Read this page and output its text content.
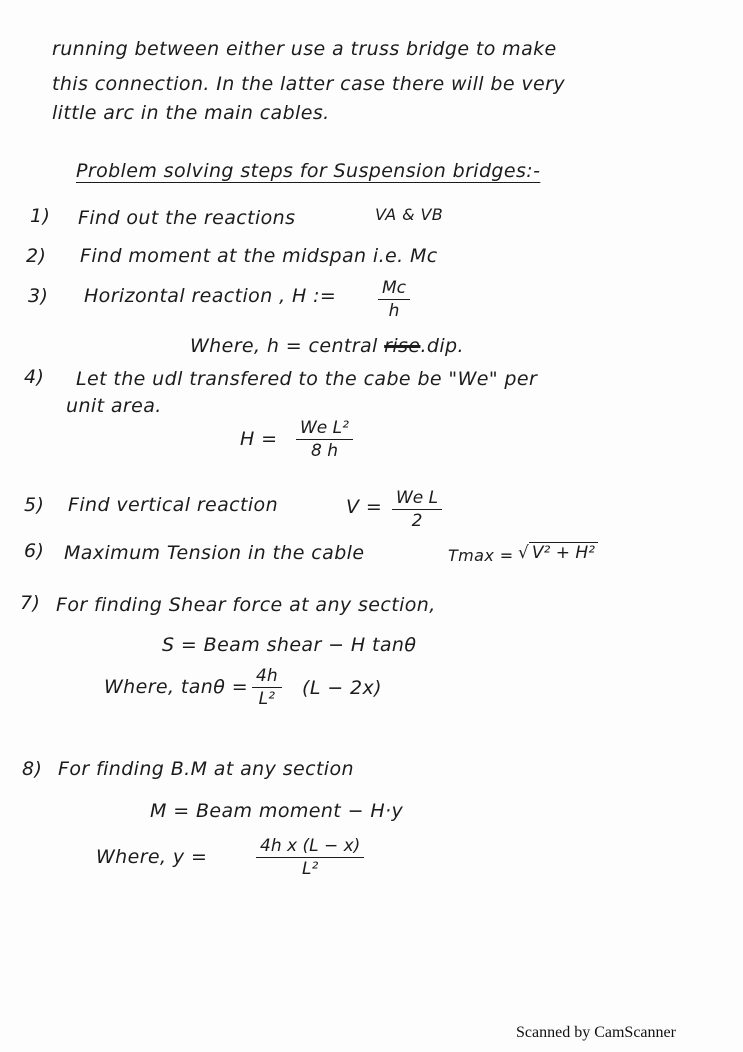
running between either use a truss bridge to make
this connection. In the latter case there will be very
little arc in the main cables.
Problem solving steps for Suspension bridges:-
1) Find out the reactions	VA & VB
2) Find moment at the midspan i.e. Mc
3) Horizontal reaction , H := $\frac{Mc}{h}$
Where, h = central rise.dip.
4) Let the udl transfered to the cabe be "We" per
unit area.
$H = \frac{\text{We L²}}{8 h}$
5) Find vertical reaction	$V = \frac{\text{We L}}{2}$
6) Maximum Tension in the cable	Tmax = √ V² + H²
7) For finding Shear force at any section,
S = Beam shear − H tanθ
Where, $\tan\theta = \frac{4h}{\text{L²}} (L - 2x)$
8) For finding B.M at any section
M = Beam moment − H·y
Where, y =	$\frac{\text{4h x (L − x)}}{\text{L²}}$
Scanned by CamScanner
